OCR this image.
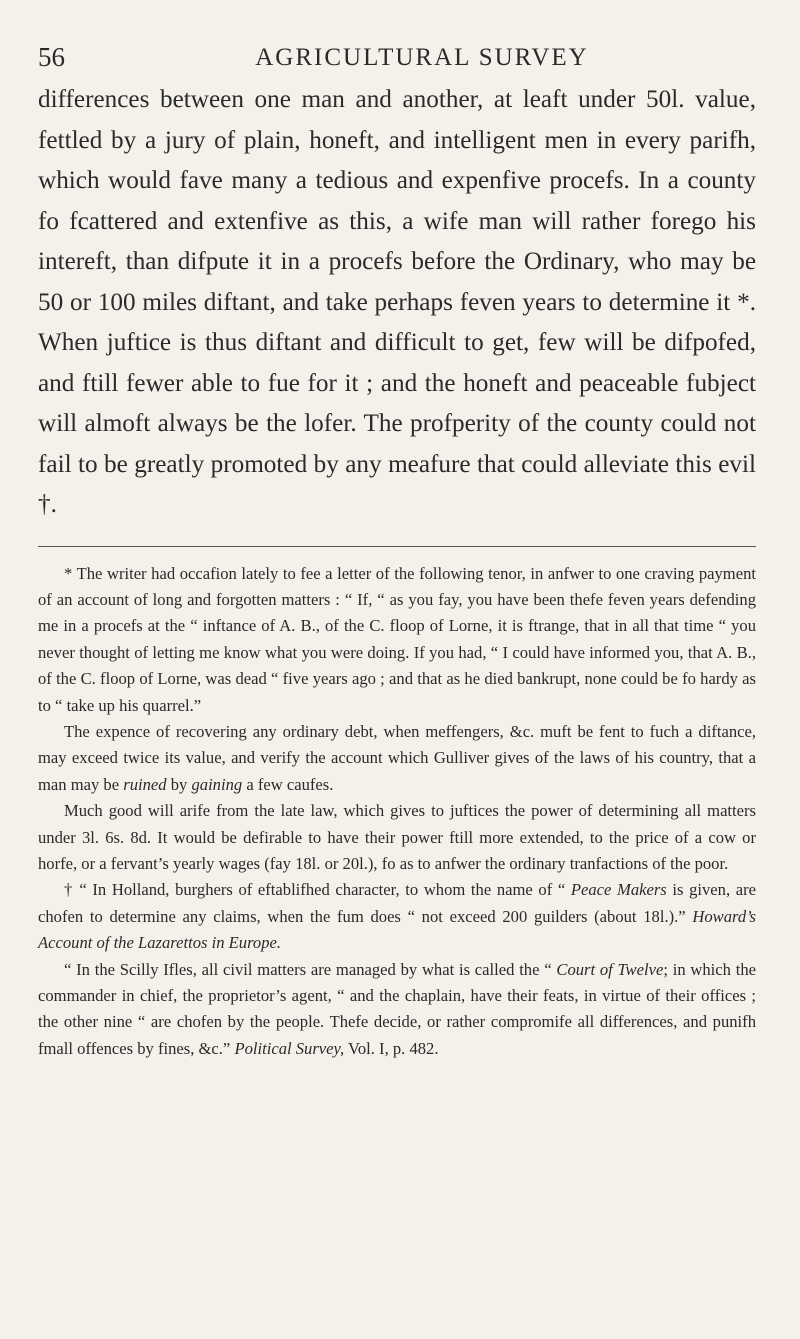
56	AGRICULTURAL SURVEY

differences between one man and another, at leaft under 50l. value, fettled by a jury of plain, honeft, and intelligent men in every parifh, which would fave many a tedious and expenfive procefs. In a county fo fcattered and extenfive as this, a wife man will rather forego his intereft, than difpute it in a procefs before the Ordinary, who may be 50 or 100 miles diftant, and take perhaps feven years to determine it *. When juftice is thus diftant and difficult to get, few will be difpofed, and ftill fewer able to fue for it ; and the honeft and peaceable fubject will almoft always be the lofer. The profperity of the county could not fail to be greatly promoted by any meafure that could alleviate this evil †.

* The writer had occafion lately to fee a letter of the following tenor, in anfwer to one craving payment of an account of long and forgotten matters : “ If, “ as you fay, you have been thefe feven years defending me in a procefs at the “ inftance of A. B., of the C. floop of Lorne, it is ftrange, that in all that time “ you never thought of letting me know what you were doing. If you had, “ I could have informed you, that A. B., of the C. floop of Lorne, was dead “ five years ago ; and that as he died bankrupt, none could be fo hardy as to “ take up his quarrel.”

The expence of recovering any ordinary debt, when meffengers, &c. muft be fent to fuch a diftance, may exceed twice its value, and verify the account which Gulliver gives of the laws of his country, that a man may be ruined by gaining a few caufes.

Much good will arife from the late law, which gives to juftices the power of determining all matters under 3l. 6s. 8d. It would be defirable to have their power ftill more extended, to the price of a cow or horfe, or a fervant’s yearly wages (fay 18l. or 20l.), fo as to anfwer the ordinary tranfactions of the poor.

† “ In Holland, burghers of eftablifhed character, to whom the name of “ Peace Makers is given, are chofen to determine any claims, when the fum does “ not exceed 200 guilders (about 18l.).” Howard’s Account of the Lazarettos in Europe.

“ In the Scilly Ifles, all civil matters are managed by what is called the “ Court of Twelve; in which the commander in chief, the proprietor’s agent, “ and the chaplain, have their feats, in virtue of their offices ; the other nine “ are chofen by the people. Thefe decide, or rather compromife all differences, and punifh fmall offences by fines, &c.” Political Survey, Vol. I, p. 482.
